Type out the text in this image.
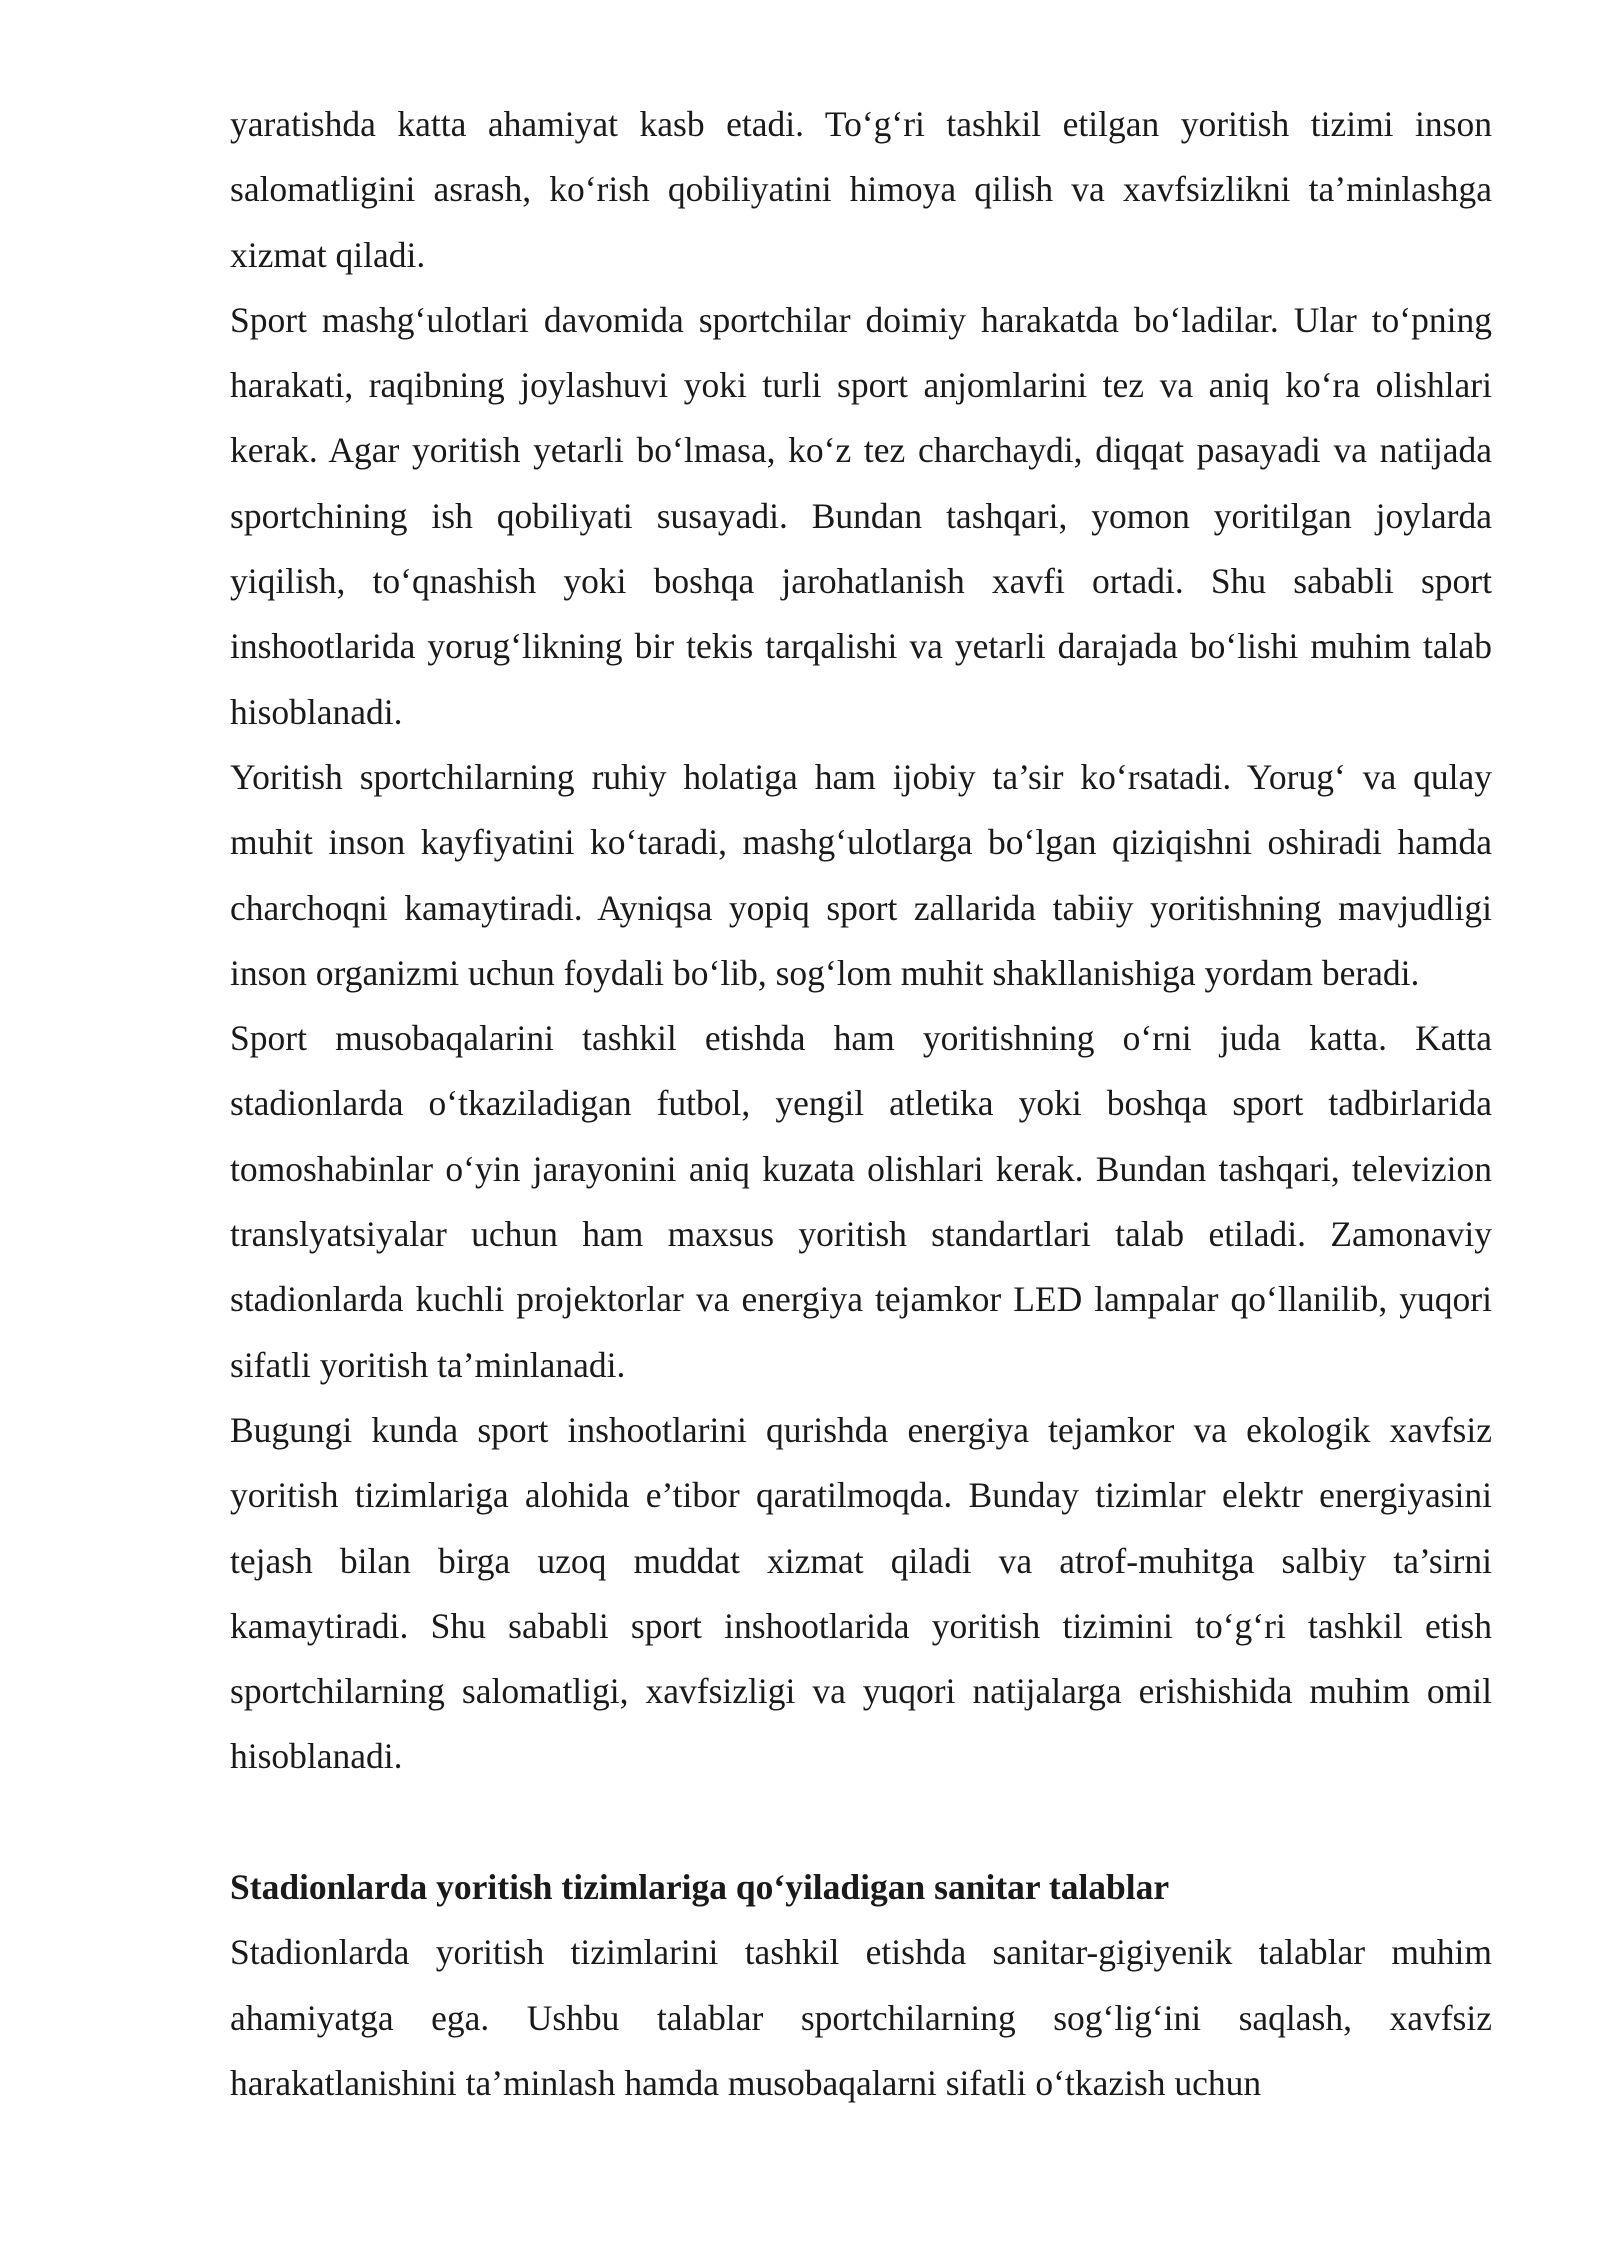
yaratishda katta ahamiyat kasb etadi. To‘g‘ri tashkil etilgan yoritish tizimi inson salomatligini asrash, ko‘rish qobiliyatini himoya qilish va xavfsizlikni ta’minlashga xizmat qiladi.

Sport mashg‘ulotlari davomida sportchilar doimiy harakatda bo‘ladilar. Ular to‘pning harakati, raqibning joylashuvi yoki turli sport anjomlarini tez va aniq ko‘ra olishlari kerak. Agar yoritish yetarli bo‘lmasa, ko‘z tez charchaydi, diqqat pasayadi va natijada sportchining ish qobiliyati susayadi. Bundan tashqari, yomon yoritilgan joylarda yiqilish, to‘qnashish yoki boshqa jarohatlanish xavfi ortadi. Shu sababli sport inshootlarida yorug‘likning bir tekis tarqalishi va yetarli darajada bo‘lishi muhim talab hisoblanadi.

Yoritish sportchilarning ruhiy holatiga ham ijobiy ta’sir ko‘rsatadi. Yorug‘ va qulay muhit inson kayfiyatini ko‘taradi, mashg‘ulotlarga bo‘lgan qiziqishni oshiradi hamda charchoqni kamaytiradi. Ayniqsa yopiq sport zallarida tabiiy yoritishning mavjudligi inson organizmi uchun foydali bo‘lib, sog‘lom muhit shakllanishiga yordam beradi.

Sport musobaqalarini tashkil etishda ham yoritishning o‘rni juda katta. Katta stadionlarda o‘tkaziladigan futbol, yengil atletika yoki boshqa sport tadbirlarida tomoshabinlar o‘yin jarayonini aniq kuzata olishlari kerak. Bundan tashqari, televizion translyatsiyalar uchun ham maxsus yoritish standartlari talab etiladi. Zamonaviy stadionlarda kuchli projektorlar va energiya tejamkor LED lampalar qo‘llanilib, yuqori sifatli yoritish ta’minlanadi.

Bugungi kunda sport inshootlarini qurishda energiya tejamkor va ekologik xavfsiz yoritish tizimlariga alohida e’tibor qaratilmoqda. Bunday tizimlar elektr energiyasini tejash bilan birga uzoq muddat xizmat qiladi va atrof-muhitga salbiy ta’sirni kamaytiradi. Shu sababli sport inshootlarida yoritish tizimini to‘g‘ri tashkil etish sportchilarning salomatligi, xavfsizligi va yuqori natijalarga erishishida muhim omil hisoblanadi.

Stadionlarda yoritish tizimlariga qo‘yiladigan sanitar talablar

Stadionlarda yoritish tizimlarini tashkil etishda sanitar-gigiyenik talablar muhim ahamiyatga ega. Ushbu talablar sportchilarning sog‘lig‘ini saqlash, xavfsiz harakatlanishini ta’minlash hamda musobaqalarni sifatli o‘tkazish uchun
